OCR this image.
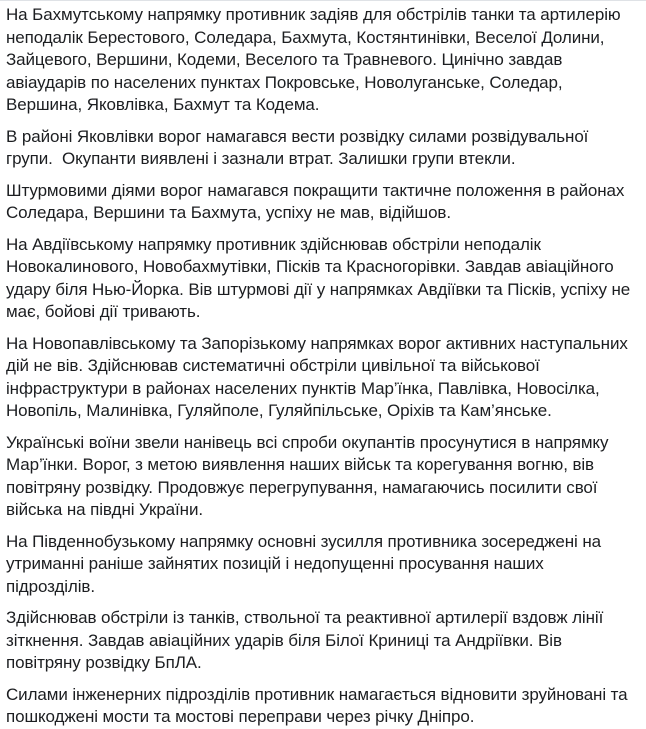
На Бахмутському напрямку противник задіяв для обстрілів танки та артилерію
неподалік Берестового, Соледара, Бахмута, Костянтинівки, Веселої Долини,
Зайцевого, Вершини, Кодеми, Веселого та Травневого. Цинічно завдав
авіаударів по населених пунктах Покровське, Новолуганське, Соледар,
Вершина, Яковлівка, Бахмут та Кодема.

В районі Яковлівки ворог намагався вести розвідку силами розвідувальної
групи.  Окупанти виявлені і зазнали втрат. Залишки групи втекли.

Штурмовими діями ворог намагався покращити тактичне положення в районах
Соледара, Вершини та Бахмута, успіху не мав, відійшов.

На Авдіївському напрямку противник здійснював обстріли неподалік
Новокалинового, Новобахмутівки, Пісків та Красногорівки. Завдав авіаційного
удару біля Нью-Йорка. Вів штурмові дії у напрямках Авдіївки та Пісків, успіху не
має, бойові дії тривають.

На Новопавлівському та Запорізькому напрямках ворог активних наступальних
дій не вів. Здійснював систематичні обстріли цивільної та військової
інфраструктури в районах населених пунктів Мар’їнка, Павлівка, Новосілка,
Новопіль, Малинівка, Гуляйполе, Гуляйпільське, Оріхів та Кам’янське.

Українські воїни звели нанівець всі спроби окупантів просунутися в напрямку
Мар’їнки. Ворог, з метою виявлення наших військ та корегування вогню, вів
повітряну розвідку. Продовжує перегрупування, намагаючись посилити свої
війська на півдні України.

На Південнобузькому напрямку основні зусилля противника зосереджені на
утриманні раніше зайнятих позицій і недопущенні просування наших
підрозділів.

Здійснював обстріли із танків, ствольної та реактивної артилерії вздовж лінії
зіткнення. Завдав авіаційних ударів біля Білої Криниці та Андріївки. Вів
повітряну розвідку БпЛА.

Силами інженерних підрозділів противник намагається відновити зруйновані та
пошкоджені мости та мостові переправи через річку Дніпро.
